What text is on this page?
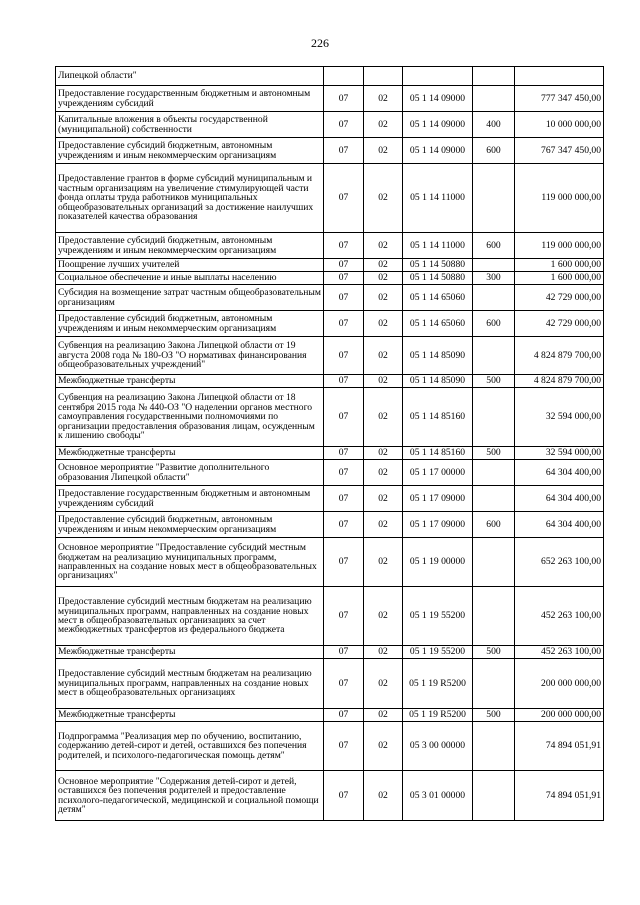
226
Липецкой области"					
Предоставление государственным бюджетным и автономным учреждениям субсидий	07	02	05 1 14 09000		777 347 450,00
Капитальные вложения в объекты государственной (муниципальной) собственности	07	02	05 1 14 09000	400	10 000 000,00
Предоставление субсидий бюджетным, автономным учреждениям и иным некоммерческим организациям	07	02	05 1 14 09000	600	767 347 450,00
Предоставление грантов в форме субсидий муниципальным и частным организациям на увеличение стимулирующей части фонда оплаты труда работников муниципальных общеобразовательных организаций за достижение наилучших показателей качества образования	07	02	05 1 14 11000		119 000 000,00
Предоставление субсидий бюджетным, автономным учреждениям и иным некоммерческим организациям	07	02	05 1 14 11000	600	119 000 000,00
Поощрение лучших учителей	07	02	05 1 14 50880		1 600 000,00
Социальное обеспечение и иные выплаты населению	07	02	05 1 14 50880	300	1 600 000,00
Субсидия на возмещение затрат частным общеобразовательным организациям	07	02	05 1 14 65060		42 729 000,00
Предоставление субсидий бюджетным, автономным учреждениям и иным некоммерческим организациям	07	02	05 1 14 65060	600	42 729 000,00
Субвенция на реализацию Закона Липецкой области от 19 августа 2008 года № 180-ОЗ "О нормативах финансирования общеобразовательных учреждений"	07	02	05 1 14 85090		4 824 879 700,00
Межбюджетные трансферты	07	02	05 1 14 85090	500	4 824 879 700,00
Субвенция на реализацию Закона Липецкой области от 18 сентября 2015 года № 440-ОЗ "О наделении органов местного самоуправления государственными полномочиями по организации предоставления образования лицам, осужденным к лишению свободы"	07	02	05 1 14 85160		32 594 000,00
Межбюджетные трансферты	07	02	05 1 14 85160	500	32 594 000,00
Основное мероприятие "Развитие дополнительного образования Липецкой области"	07	02	05 1 17 00000		64 304 400,00
Предоставление государственным бюджетным и автономным учреждениям субсидий	07	02	05 1 17 09000		64 304 400,00
Предоставление субсидий бюджетным, автономным учреждениям и иным некоммерческим организациям	07	02	05 1 17 09000	600	64 304 400,00
Основное мероприятие "Предоставление субсидий местным бюджетам на реализацию муниципальных программ, направленных на создание новых мест в общеобразовательных организациях"	07	02	05 1 19 00000		652 263 100,00
Предоставление субсидий местным бюджетам на реализацию муниципальных программ, направленных на создание новых мест в общеобразовательных организациях за счет межбюджетных трансфертов из федерального бюджета	07	02	05 1 19 55200		452 263 100,00
Межбюджетные трансферты	07	02	05 1 19 55200	500	452 263 100,00
Предоставление субсидий местным бюджетам на реализацию муниципальных программ, направленных на создание новых мест в общеобразовательных организациях	07	02	05 1 19 R5200		200 000 000,00
Межбюджетные трансферты	07	02	05 1 19 R5200	500	200 000 000,00
Подпрограмма "Реализация мер по обучению, воспитанию, содержанию детей-сирот и детей, оставшихся без попечения родителей, и психолого-педагогическая помощь детям"	07	02	05 3 00 00000		74 894 051,91
Основное мероприятие "Содержания детей-сирот и детей, оставшихся без попечения родителей и предоставление психолого-педагогической, медицинской и социальной помощи детям"	07	02	05 3 01 00000		74 894 051,91
